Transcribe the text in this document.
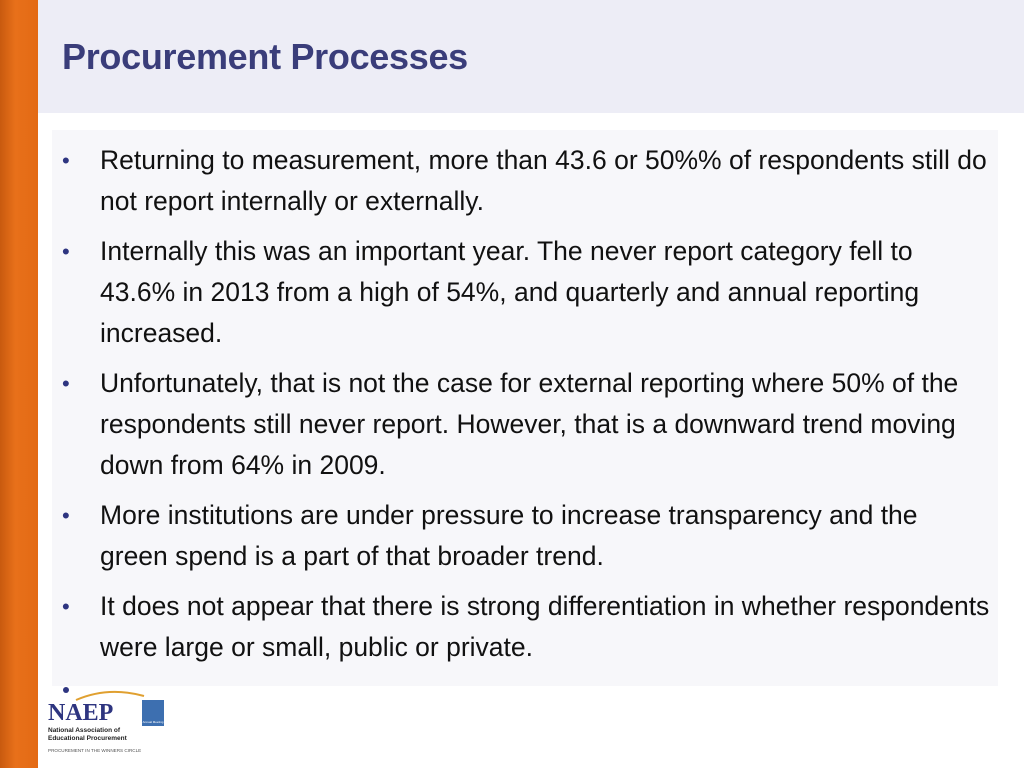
Procurement Processes
• Returning to measurement, more than 43.6 or 50%% of respondents still do not report internally or externally.
• Internally this was an important year. The never report category fell to 43.6% in 2013 from a high of 54%, and quarterly and annual reporting increased.
• Unfortunately, that is not the case for external reporting where 50% of the respondents still never report. However, that is a downward trend moving down from 64% in 2009.
• More institutions are under pressure to increase transparency and the green spend is a part of that broader trend.
• It does not appear that there is strong differentiation in whether respondents were large or small, public or private.
NAEP	Annual Meeting
National Association of
Educational Procurement
PROCUREMENT IN THE WINNERS CIRCLE
